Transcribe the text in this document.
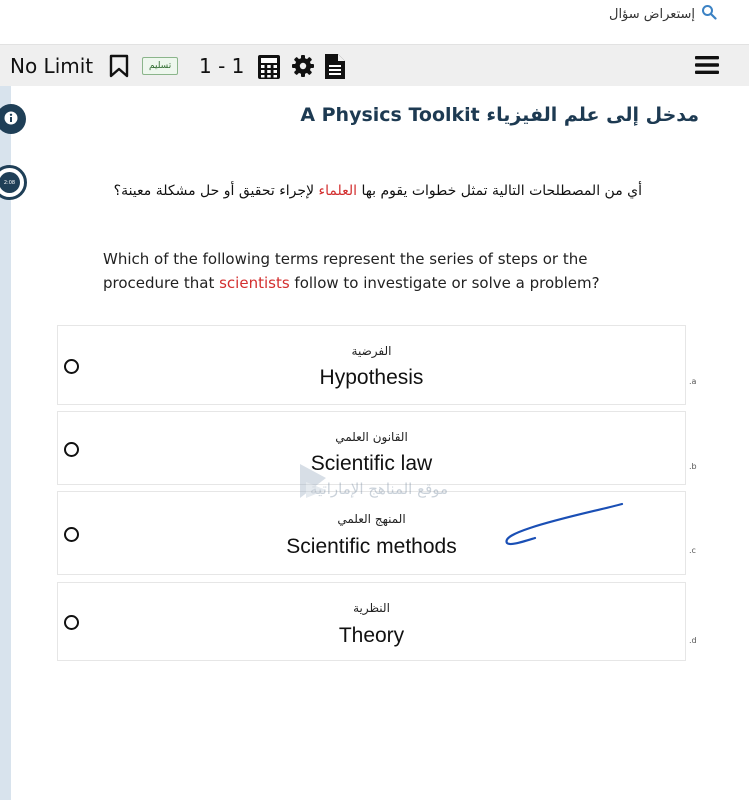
إستعراض سؤال
No Limit	تسليم	1 - 1
2:08
مدخل إلى علم الفيزياء A Physics Toolkit
أي من المصطلحات التالية تمثل خطوات يقوم بها العلماء لإجراء تحقيق أو حل مشكلة معينة؟
Which of the following terms represent the series of steps or the procedure that scientists follow to investigate or solve a problem?
الفرضية
Hypothesis	.a
القانون العلمي
Scientific law	.b
المنهج العلمي
Scientific methods	.c
النظرية
Theory	.d
موقع المناهج الإماراتية
